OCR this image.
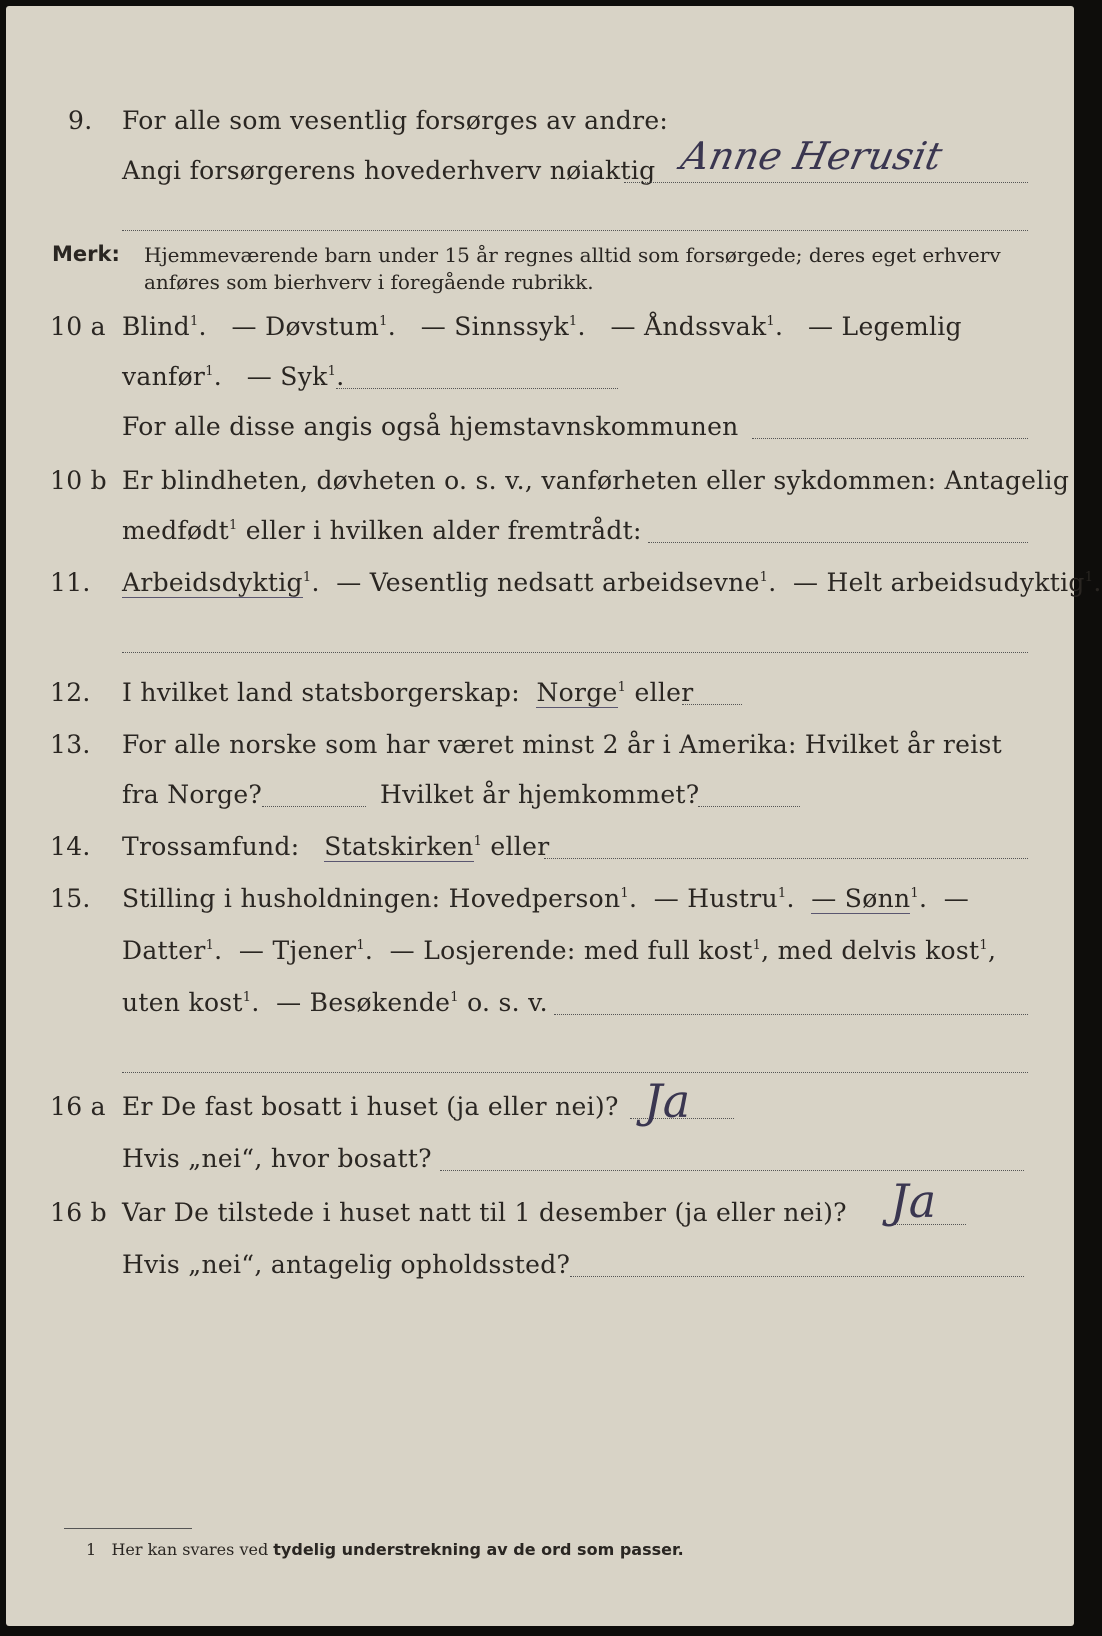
9. For alle som vesentlig forsørges av andre:
Angi forsørgerens hovederhverv nøiaktig Anne Herusit
Merk: Hjemmeværende barn under 15 år regnes alltid som forsørgede; deres eget erhverv anføres som bierhverv i foregående rubrikk.
10 a Blind$^1$.   — Døvstum$^1$.   — Sinnssyk$^1$.   — Åndssvak$^1$.   — Legemlig
vanfør$^1$.   — Syk$^1$.
For alle disse angis også hjemstavnskommunen
10 b Er blindheten, døvheten o. s. v., vanførheten eller sykdommen: Antagelig
medfødt$^1$ eller i hvilken alder fremtrådt:
11. Arbeidsdyktig$^1$.  — Vesentlig nedsatt arbeidsevne$^1$.  — Helt arbeidsudyktig$^1$.
12. I hvilket land statsborgerskap: Norge$^1$ eller
13. For alle norske som har været minst 2 år i Amerika: Hvilket år reist
fra Norge?	Hvilket år hjemkommet?
14. Trossamfund: Statskirken$^1$ eller
15. Stilling i husholdningen: Hovedperson$^1$.  — Hustru$^1$.  — Sønn$^1$.  —
Datter$^1$.  — Tjener$^1$.  — Losjerende: med full kost$^1$, med delvis kost$^1$,
uten kost$^1$.  — Besøkende$^1$ o. s. v.
16 a Er De fast bosatt i huset (ja eller nei)? Ja
Hvis „nei“, hvor bosatt?
16 b Var De tilstede i huset natt til 1 desember (ja eller nei)? Ja
Hvis „nei“, antagelig opholdssted?
1 Her kan svares ved tydelig understrekning av de ord som passer.
